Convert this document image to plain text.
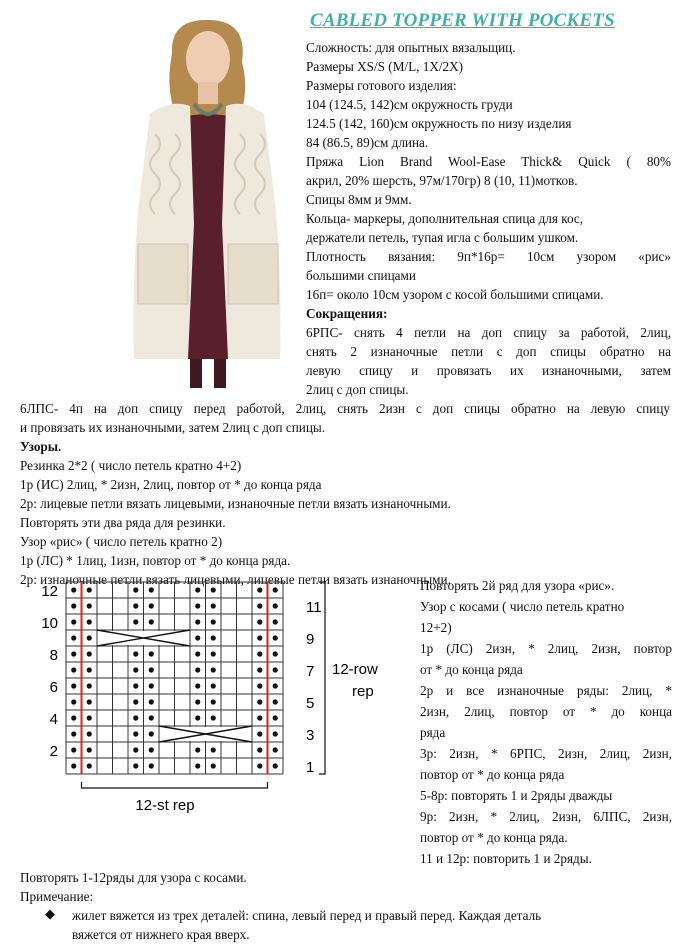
CABLED TOPPER WITH POCKETS
Сложность: для опытных вязальщиц.
Размеры XS/S (M/L, 1X/2X)
Размеры готового изделия:
104 (124.5, 142)см окружность груди
124.5 (142, 160)см окружность по низу изделия
84 (86.5, 89)см длина.
Пряжа Lion Brand Wool-Ease Thick& Quick ( 80%
акрил, 20% шерсть, 97м/170гр) 8 (10, 11)мотков.
Спицы 8мм и 9мм.
Кольца- маркеры, дополнительная спица для кос,
держатели петель, тупая игла с большим ушком.
Плотность вязания: 9п*16р= 10см узором «рис»
большими спицами
16п= около 10см узором с косой большими спицами.
Сокращения:
6РПС- снять 4 петли на доп спицу за работой, 2лиц,
снять 2 изнаночные петли с доп спицы обратно на
левую спицу и провязать их изнаночными, затем
2лиц с доп спицы.
6ЛПС- 4п на доп спицу перед работой, 2лиц, снять 2изн с доп спицы обратно на левую спицу
и провязать их изнаночными, затем 2лиц с доп спицы.
Узоры.
Резинка 2*2 ( число петель кратно 4+2)
1р (ИС) 2лиц, * 2изн, 2лиц, повтор от * до конца ряда
2р: лицевые петли вязать лицевыми, изнаночные петли вязать изнаночными.
Повторять эти два ряда для резинки.
Узор «рис» ( число петель кратно 2)
1р (ЛС) * 1лиц, 1изн, повтор от * до конца ряда.
2р: изнаночные петли вязать лицевыми, лицевые петли вязать изнаночными.
12
10
8
6
4
2
11
9
7
5
3
1
12-row
rep
12-st rep
Повторять 2й ряд для узора «рис».
Узор с косами ( число петель кратно
12+2)
1р (ЛС) 2изн, * 2лиц, 2изн, повтор
от * до конца ряда
2р и все изнаночные ряды: 2лиц, *
2изн, 2лиц, повтор от * до конца
ряда
3р: 2изн, * 6РПС, 2изн, 2лиц, 2изн,
повтор от * до конца ряда
5-8р: повторять 1 и 2ряды дважды
9р: 2изн, * 2лиц, 2изн, 6ЛПС, 2изн,
повтор от * до конца ряда.
11 и 12р: повторить 1 и 2ряды.
Повторять 1-12ряды для узора с косами.
Примечание:
◆ жилет вяжется из трех деталей: спина, левый перед и правый перед. Каждая деталь
вяжется от нижнего края вверх.
